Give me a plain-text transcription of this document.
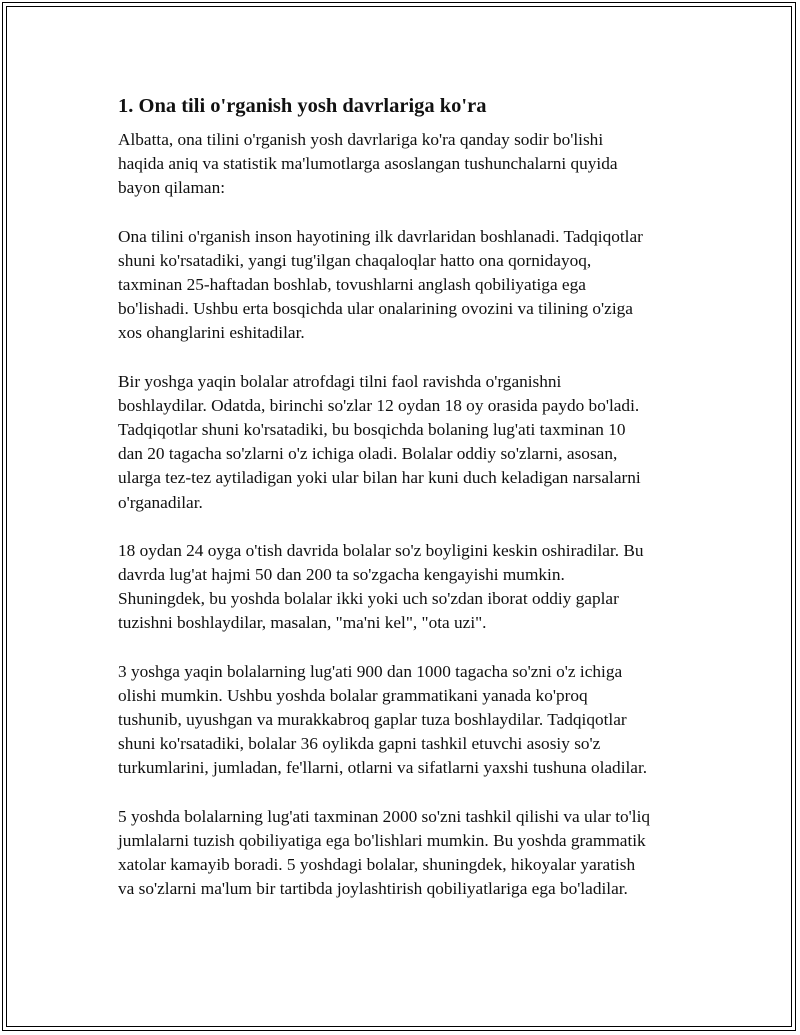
1. Ona tili o'rganish yosh davrlariga ko'ra
Albatta, ona tilini o'rganish yosh davrlariga ko'ra qanday sodir bo'lishi
haqida aniq va statistik ma'lumotlarga asoslangan tushunchalarni quyida
bayon qilaman:
Ona tilini o'rganish inson hayotining ilk davrlaridan boshlanadi. Tadqiqotlar
shuni ko'rsatadiki, yangi tug'ilgan chaqaloqlar hatto ona qornidayoq,
taxminan 25-haftadan boshlab, tovushlarni anglash qobiliyatiga ega
bo'lishadi. Ushbu erta bosqichda ular onalarining ovozini va tilining o'ziga
xos ohanglarini eshitadilar.
Bir yoshga yaqin bolalar atrofdagi tilni faol ravishda o'rganishni
boshlaydilar. Odatda, birinchi so'zlar 12 oydan 18 oy orasida paydo bo'ladi.
Tadqiqotlar shuni ko'rsatadiki, bu bosqichda bolaning lug'ati taxminan 10
dan 20 tagacha so'zlarni o'z ichiga oladi. Bolalar oddiy so'zlarni, asosan,
ularga tez-tez aytiladigan yoki ular bilan har kuni duch keladigan narsalarni
o'rganadilar.
18 oydan 24 oyga o'tish davrida bolalar so'z boyligini keskin oshiradilar. Bu
davrda lug'at hajmi 50 dan 200 ta so'zgacha kengayishi mumkin.
Shuningdek, bu yoshda bolalar ikki yoki uch so'zdan iborat oddiy gaplar
tuzishni boshlaydilar, masalan, "ma'ni kel", "ota uzi".
3 yoshga yaqin bolalarning lug'ati 900 dan 1000 tagacha so'zni o'z ichiga
olishi mumkin. Ushbu yoshda bolalar grammatikani yanada ko'proq
tushunib, uyushgan va murakkabroq gaplar tuza boshlaydilar. Tadqiqotlar
shuni ko'rsatadiki, bolalar 36 oylikda gapni tashkil etuvchi asosiy so'z
turkumlarini, jumladan, fe'llarni, otlarni va sifatlarni yaxshi tushuna oladilar.
5 yoshda bolalarning lug'ati taxminan 2000 so'zni tashkil qilishi va ular to'liq
jumlalarni tuzish qobiliyatiga ega bo'lishlari mumkin. Bu yoshda grammatik
xatolar kamayib boradi. 5 yoshdagi bolalar, shuningdek, hikoyalar yaratish
va so'zlarni ma'lum bir tartibda joylashtirish qobiliyatlariga ega bo'ladilar.
